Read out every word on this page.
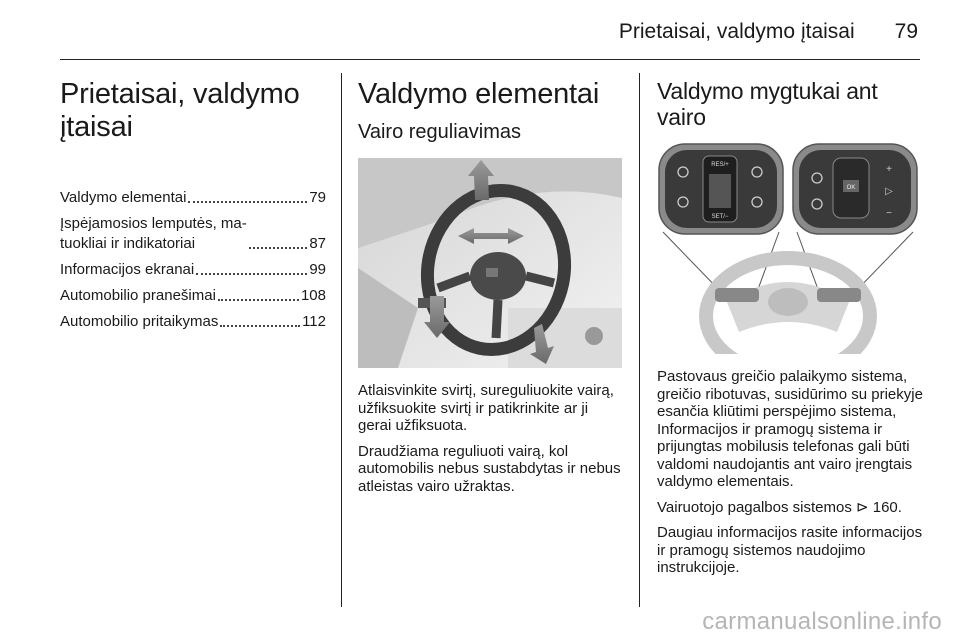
Prietaisai, valdymo įtaisai 79
Prietaisai, valdymo įtaisai
Valdymo elementai	79
Įspėjamosios lemputės, ma-
tuokliai ir indikatoriai	87
Informacijos ekranai	99
Automobilio pranešimai	108
Automobilio pritaikymas	112
Valdymo elementai
Vairo reguliavimas

Atlaisvinkite svirtį, sureguliuokite vairą, užfiksuokite svirtį ir patikrinkite ar ji gerai užfiksuota.

Draudžiama reguliuoti vairą, kol automobilis nebus sustabdytas ir nebus atleistas vairo užraktas.

Valdymo mygtukai ant vairo
RES/+
SET/−
OK
+
▷
−

Pastovaus greičio palaikymo sistema, greičio ribotuvas, susidūrimo su priekyje esančia kliūtimi perspėjimo sistema, Informacijos ir pramogų sistema ir prijungtas mobilusis telefonas gali būti valdomi naudojantis ant vairo įrengtais valdymo elementais.

Vairuotojo pagalbos sistemos ⊳ 160.

Daugiau informacijos rasite informacijos ir pramogų sistemos naudojimo instrukcijoje.

carmanualsonline.info
